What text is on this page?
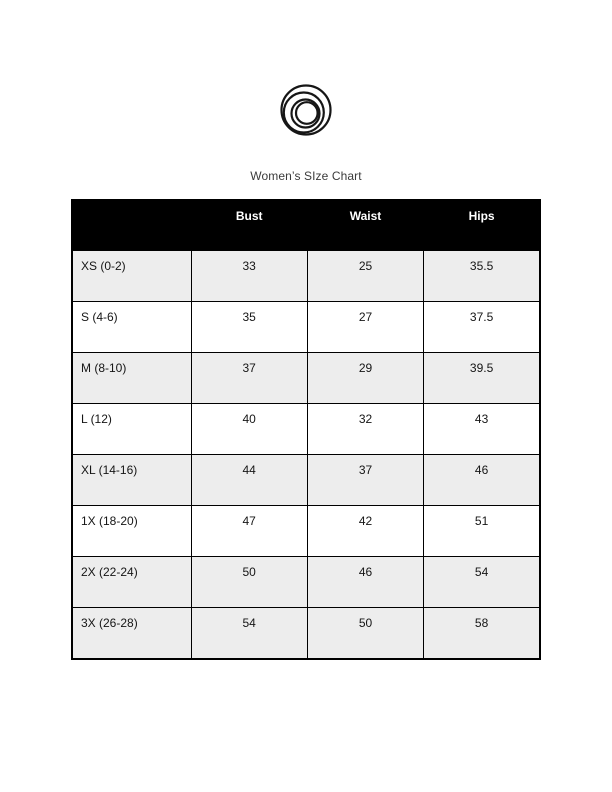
Women’s SIze Chart
	Bust	Waist	Hips
XS (0-2)	33	25	35.5
S (4-6)	35	27	37.5
M (8-10)	37	29	39.5
L (12)	40	32	43
XL (14-16)	44	37	46
1X (18-20)	47	42	51
2X (22-24)	50	46	54
3X (26-28)	54	50	58
